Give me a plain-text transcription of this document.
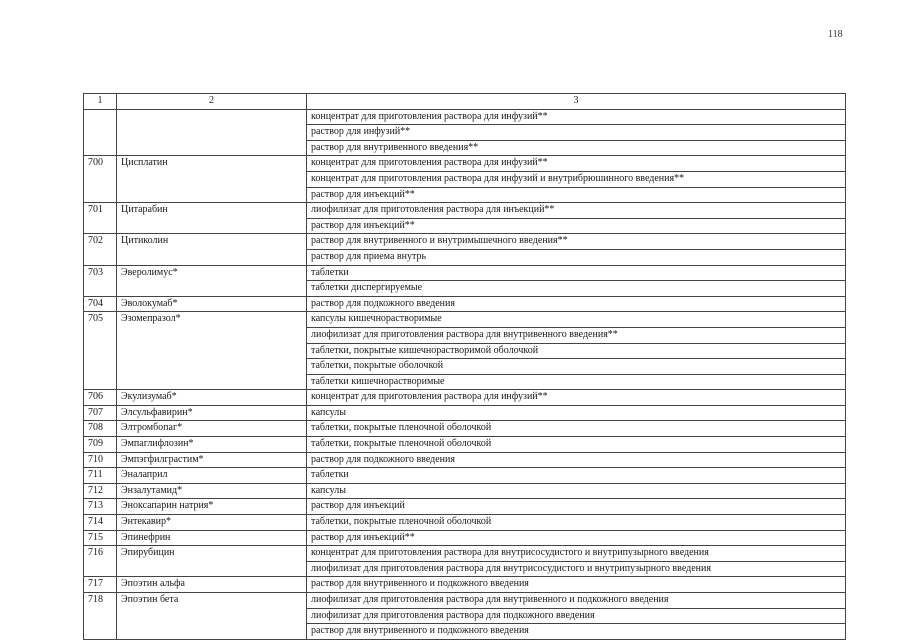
118
1	2	3
		концентрат для приготовления раствора для инфузий**
		раствор для инфузий**
		раствор для внутривенного введения**
700	Цисплатин	концентрат для приготовления раствора для инфузий**
		концентрат для приготовления раствора для инфузий и внутрибрюшинного введения**
		раствор для инъекций**
701	Цитарабин	лиофилизат для приготовления раствора для инъекций**
		раствор для инъекций**
702	Цитиколин	раствор для внутривенного и внутримышечного введения**
		раствор для приема внутрь
703	Эверолимус*	таблетки
		таблетки диспергируемые
704	Эволокумаб*	раствор для подкожного введения
705	Эзомепразол*	капсулы кишечнорастворимые
		лиофилизат для приготовления раствора для внутривенного введения**
		таблетки, покрытые кишечнорастворимой оболочкой
		таблетки, покрытые оболочкой
		таблетки кишечнорастворимые
706	Экулизумаб*	концентрат для приготовления раствора для инфузий**
707	Элсульфавирин*	капсулы
708	Элтромбопаг*	таблетки, покрытые пленочной оболочкой
709	Эмпаглифлозин*	таблетки, покрытые пленочной оболочкой
710	Эмпэгфилграстим*	раствор для подкожного введения
711	Эналаприл	таблетки
712	Энзалутамид*	капсулы
713	Эноксапарин натрия*	раствор для инъекций
714	Энтекавир*	таблетки, покрытые пленочной оболочкой
715	Эпинефрин	раствор для инъекций**
716	Эпирубицин	концентрат для приготовления раствора для внутрисосудистого и внутрипузырного введения
		лиофилизат для приготовления раствора для внутрисосудистого и внутрипузырного введения
717	Эпоэтин альфа	раствор для внутривенного и подкожного введения
718	Эпоэтин бета	лиофилизат для приготовления раствора для внутривенного и подкожного введения
		лиофилизат для приготовления раствора для подкожного введения
		раствор для внутривенного и подкожного введения
